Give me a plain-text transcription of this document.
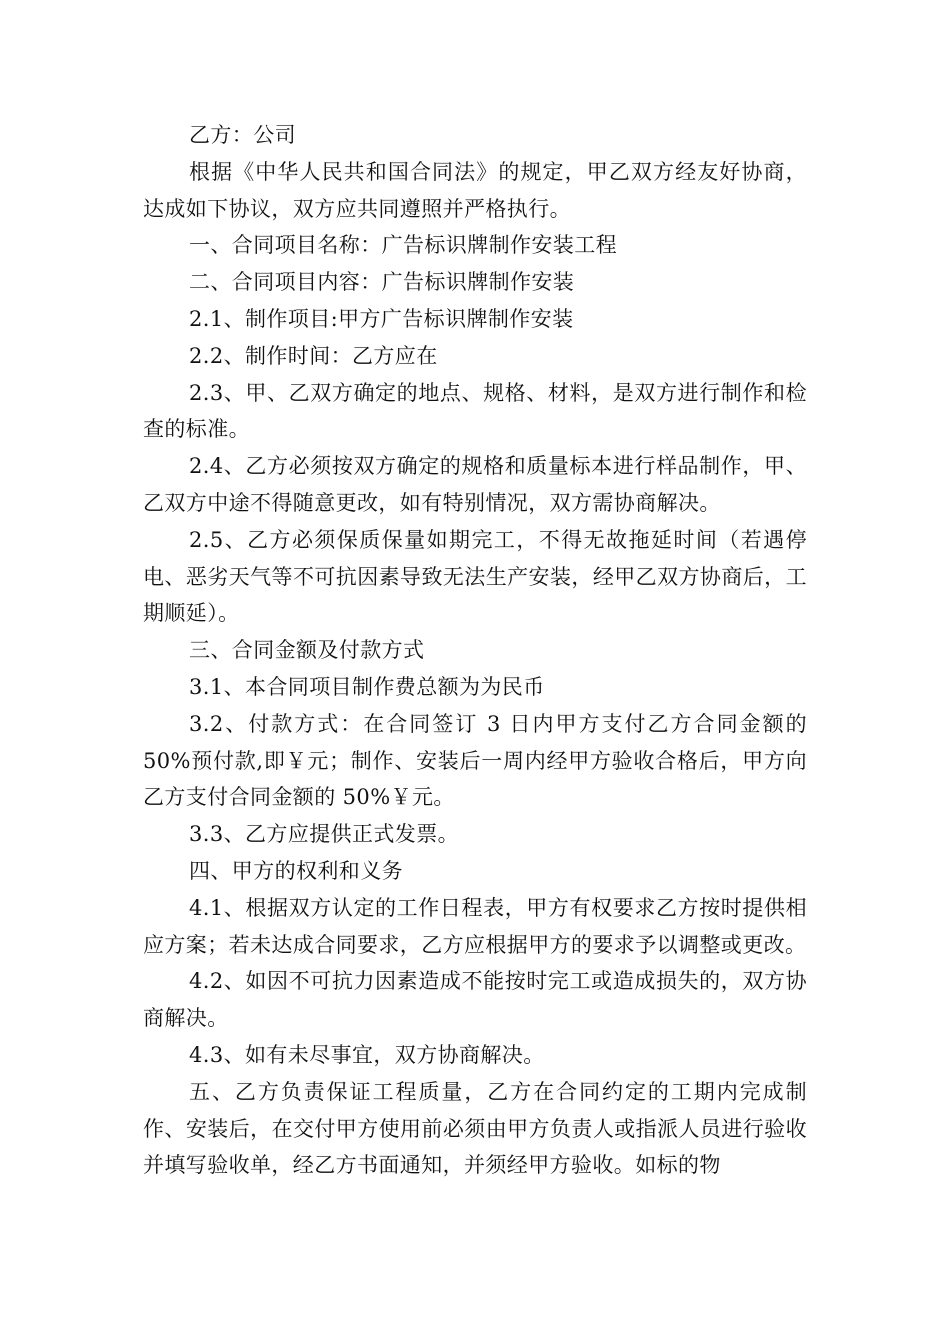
乙方：公司

根据《中华人民共和国合同法》的规定，甲乙双方经友好协商，达成如下协议，双方应共同遵照并严格执行。

一、合同项目名称：广告标识牌制作安装工程

二、合同项目内容：广告标识牌制作安装

2.1、制作项目:甲方广告标识牌制作安装

2.2、制作时间：乙方应在

2.3、甲、乙双方确定的地点、规格、材料，是双方进行制作和检查的标准。

2.4、乙方必须按双方确定的规格和质量标本进行样品制作，甲、乙双方中途不得随意更改，如有特别情况，双方需协商解决。

2.5、乙方必须保质保量如期完工，不得无故拖延时间（若遇停电、恶劣天气等不可抗因素导致无法生产安装，经甲乙双方协商后，工期顺延）。

三、合同金额及付款方式

3.1、本合同项目制作费总额为为民币

3.2、付款方式：在合同签订 3 日内甲方支付乙方合同金额的 50%预付款,即￥元；制作、安装后一周内经甲方验收合格后，甲方向乙方支付合同金额的 50%￥元。

3.3、乙方应提供正式发票。

四、甲方的权利和义务

4.1、根据双方认定的工作日程表，甲方有权要求乙方按时提供相应方案；若未达成合同要求，乙方应根据甲方的要求予以调整或更改。

4.2、如因不可抗力因素造成不能按时完工或造成损失的，双方协商解决。

4.3、如有未尽事宜，双方协商解决。

五、乙方负责保证工程质量，乙方在合同约定的工期内完成制作、安装后，在交付甲方使用前必须由甲方负责人或指派人员进行验收并填写验收单，经乙方书面通知，并须经甲方验收。如标的物
